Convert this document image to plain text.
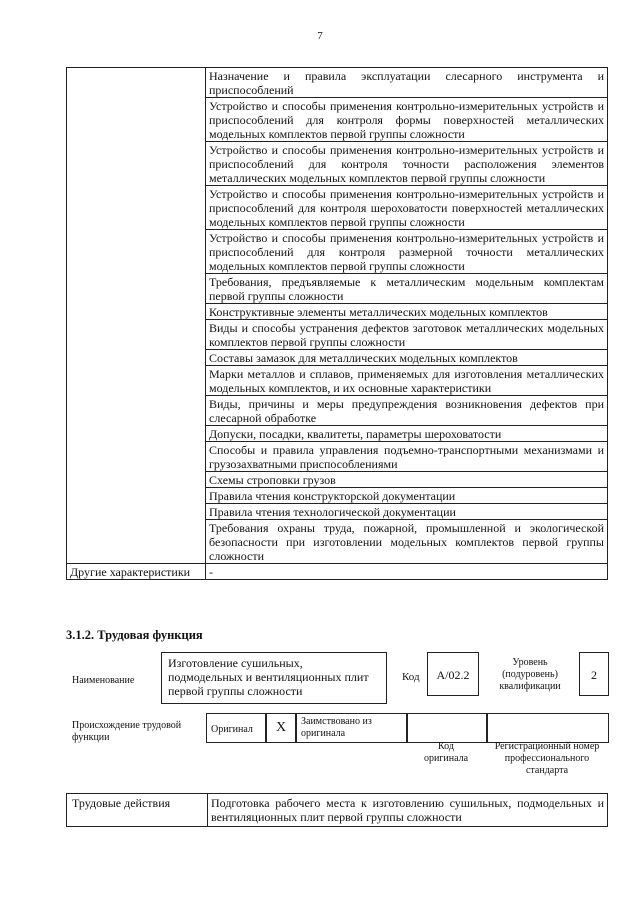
7
	Назначение и правила эксплуатации слесарного инструмента и приспособлений
	Устройство и способы применения контрольно-измерительных устройств и приспособлений для контроля формы поверхностей металлических модельных комплектов первой группы сложности
	Устройство и способы применения контрольно-измерительных устройств и приспособлений для контроля точности расположения элементов металлических модельных комплектов первой группы сложности
	Устройство и способы применения контрольно-измерительных устройств и приспособлений для контроля шероховатости поверхностей металлических модельных комплектов первой группы сложности
	Устройство и способы применения контрольно-измерительных устройств и приспособлений для контроля размерной точности металлических модельных комплектов первой группы сложности
	Требования, предъявляемые к металлическим модельным комплектам первой группы сложности
	Конструктивные элементы металлических модельных комплектов
	Виды и способы устранения дефектов заготовок металлических модельных комплектов первой группы сложности
	Составы замазок для металлических модельных комплектов
	Марки металлов и сплавов, применяемых для изготовления металлических модельных комплектов, и их основные характеристики
	Виды, причины и меры предупреждения возникновения дефектов при слесарной обработке
	Допуски, посадки, квалитеты, параметры шероховатости
	Способы и правила управления подъемно-транспортными механизмами и грузозахватными приспособлениями
	Схемы строповки грузов
	Правила чтения конструкторской документации
	Правила чтения технологической документации
	Требования охраны труда, пожарной, промышленной и экологической безопасности при изготовлении модельных комплектов первой группы сложности
Другие характеристики	-
3.1.2. Трудовая функция
Наименование
Изготовление сушильных, подмодельных и вентиляционных плит первой группы сложности
Код	А/02.2
Уровень (подуровень) квалификации
2
Происхождение трудовой функции
Оригинал	X	Заимствовано из оригинала
Код оригинала
Регистрационный номер профессионального стандарта
Трудовые действия	Подготовка рабочего места к изготовлению сушильных, подмодельных и вентиляционных плит первой группы сложности
